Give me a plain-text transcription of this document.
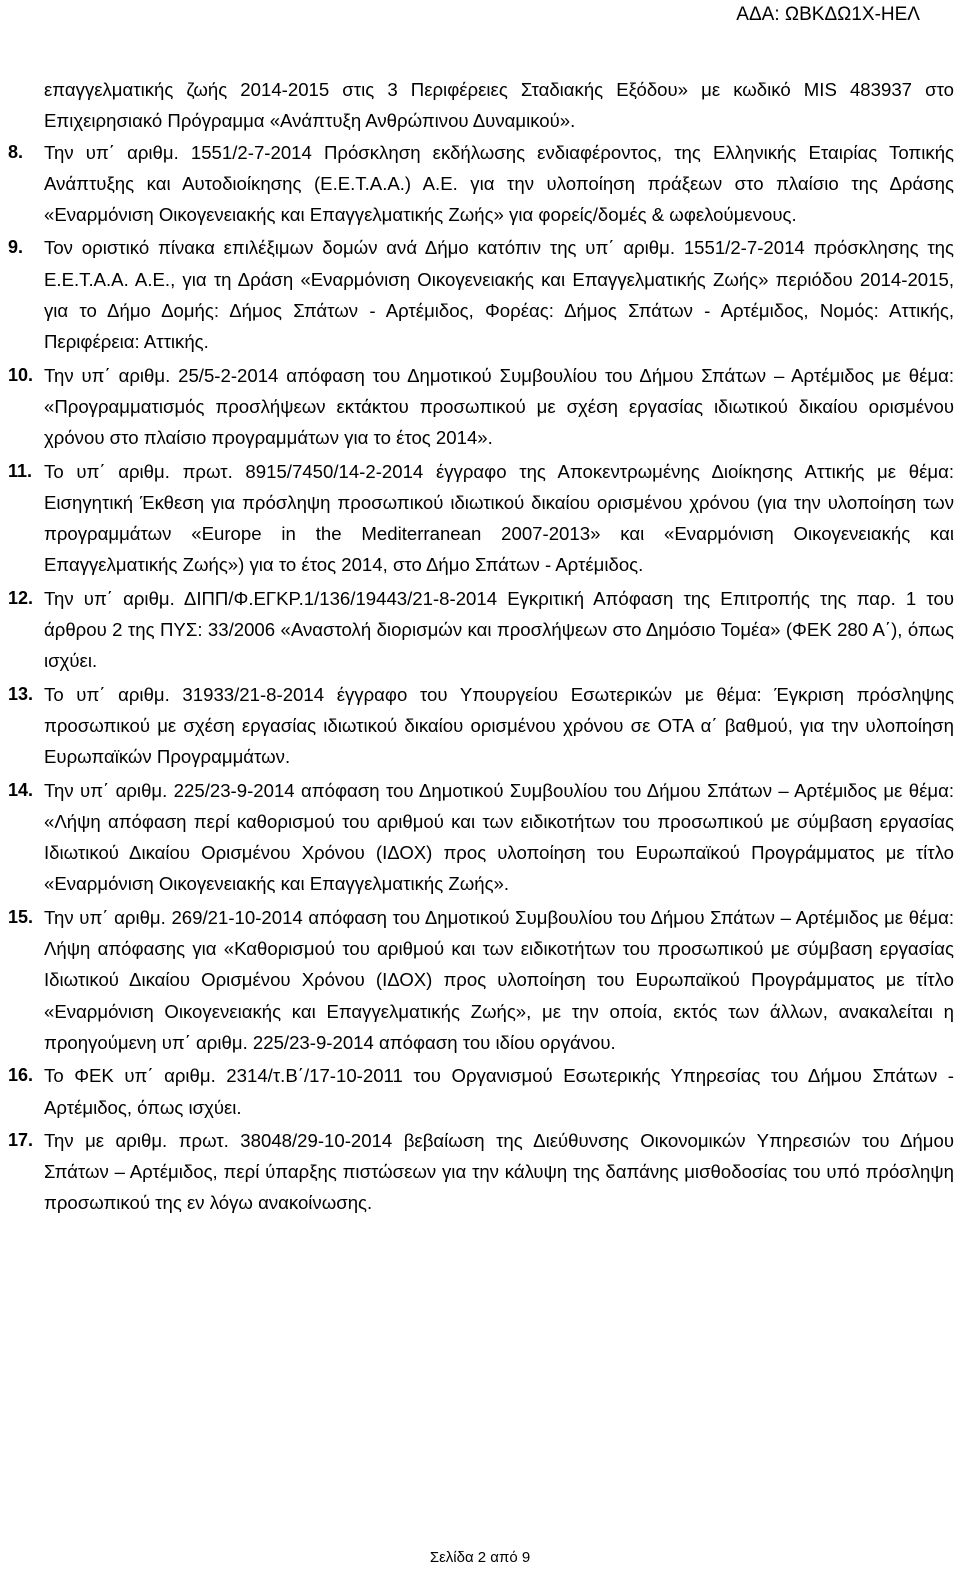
ΑΔΑ: ΩΒΚΔΩ1Χ-ΗΕΛ
επαγγελματικής ζωής 2014-2015 στις 3 Περιφέρειες Σταδιακής Εξόδου» με κωδικό MIS 483937 στο Επιχειρησιακό Πρόγραμμα «Ανάπτυξη Ανθρώπινου Δυναμικού».
8.	Την υπ΄ αριθμ. 1551/2-7-2014 Πρόσκληση εκδήλωσης ενδιαφέροντος, της Ελληνικής Εταιρίας Τοπικής Ανάπτυξης και Αυτοδιοίκησης (Ε.Ε.Τ.Α.Α.) Α.Ε. για την υλοποίηση πράξεων στο πλαίσιο της Δράσης «Εναρμόνιση Οικογενειακής και Επαγγελματικής Ζωής» για φορείς/δομές & ωφελούμενους.
9.	Τον οριστικό πίνακα επιλέξιμων δομών ανά Δήμο κατόπιν της υπ΄ αριθμ. 1551/2-7-2014 πρόσκλησης της Ε.Ε.Τ.Α.Α. Α.Ε., για τη Δράση «Εναρμόνιση Οικογενειακής και Επαγγελματικής Ζωής» περιόδου 2014-2015, για το Δήμο Δομής: Δήμος Σπάτων - Αρτέμιδος, Φορέας: Δήμος Σπάτων - Αρτέμιδος, Νομός: Αττικής, Περιφέρεια: Αττικής.
10. Την υπ΄ αριθμ. 25/5-2-2014 απόφαση του Δημοτικού Συμβουλίου του Δήμου Σπάτων – Αρτέμιδος με θέμα: «Προγραμματισμός προσλήψεων εκτάκτου προσωπικού με σχέση εργασίας ιδιωτικού δικαίου ορισμένου χρόνου στο πλαίσιο προγραμμάτων για το έτος 2014».
11. Το υπ΄ αριθμ. πρωτ. 8915/7450/14-2-2014 έγγραφο της Αποκεντρωμένης Διοίκησης Αττικής με θέμα: Εισηγητική Έκθεση για πρόσληψη προσωπικού ιδιωτικού δικαίου ορισμένου χρόνου (για την υλοποίηση των προγραμμάτων «Europe in the Mediterranean 2007-2013» και «Εναρμόνιση Οικογενειακής και Επαγγελματικής Ζωής») για το έτος 2014, στο Δήμο Σπάτων - Αρτέμιδος.
12. Την υπ΄ αριθμ. ΔΙΠΠ/Φ.ΕΓΚΡ.1/136/19443/21-8-2014 Εγκριτική Απόφαση της Επιτροπής της παρ. 1 του άρθρου 2 της ΠΥΣ: 33/2006 «Αναστολή διορισμών και προσλήψεων στο Δημόσιο Τομέα» (ΦΕΚ 280 Α΄), όπως ισχύει.
13. Το υπ΄ αριθμ. 31933/21-8-2014 έγγραφο του Υπουργείου Εσωτερικών με θέμα: Έγκριση πρόσληψης προσωπικού με σχέση εργασίας ιδιωτικού δικαίου ορισμένου χρόνου σε ΟΤΑ α΄ βαθμού, για την υλοποίηση Ευρωπαϊκών Προγραμμάτων.
14. Την υπ΄ αριθμ. 225/23-9-2014 απόφαση του Δημοτικού Συμβουλίου του Δήμου Σπάτων – Αρτέμιδος με θέμα: «Λήψη απόφαση περί καθορισμού του αριθμού και των ειδικοτήτων του προσωπικού με σύμβαση εργασίας Ιδιωτικού Δικαίου Ορισμένου Χρόνου (ΙΔΟΧ) προς υλοποίηση του Ευρωπαϊκού Προγράμματος με τίτλο «Εναρμόνιση Οικογενειακής και Επαγγελματικής Ζωής».
15. Την υπ΄ αριθμ. 269/21-10-2014 απόφαση του Δημοτικού Συμβουλίου του Δήμου Σπάτων – Αρτέμιδος με θέμα: Λήψη απόφασης για «Καθορισμού του αριθμού και των ειδικοτήτων του προσωπικού με σύμβαση εργασίας Ιδιωτικού Δικαίου Ορισμένου Χρόνου (ΙΔΟΧ) προς υλοποίηση του Ευρωπαϊκού Προγράμματος με τίτλο «Εναρμόνιση Οικογενειακής και Επαγγελματικής Ζωής», με την οποία, εκτός των άλλων, ανακαλείται η προηγούμενη υπ΄ αριθμ. 225/23-9-2014 απόφαση του ιδίου οργάνου.
16. Το ΦΕΚ υπ΄ αριθμ. 2314/τ.Β΄/17-10-2011 του Οργανισμού Εσωτερικής Υπηρεσίας του Δήμου Σπάτων - Αρτέμιδος, όπως ισχύει.
17. Την με αριθμ. πρωτ. 38048/29-10-2014 βεβαίωση της Διεύθυνσης Οικονομικών Υπηρεσιών του Δήμου Σπάτων – Αρτέμιδος, περί ύπαρξης πιστώσεων για την κάλυψη της δαπάνης μισθοδοσίας του υπό πρόσληψη προσωπικού της εν λόγω ανακοίνωσης.
Σελίδα 2 από 9
